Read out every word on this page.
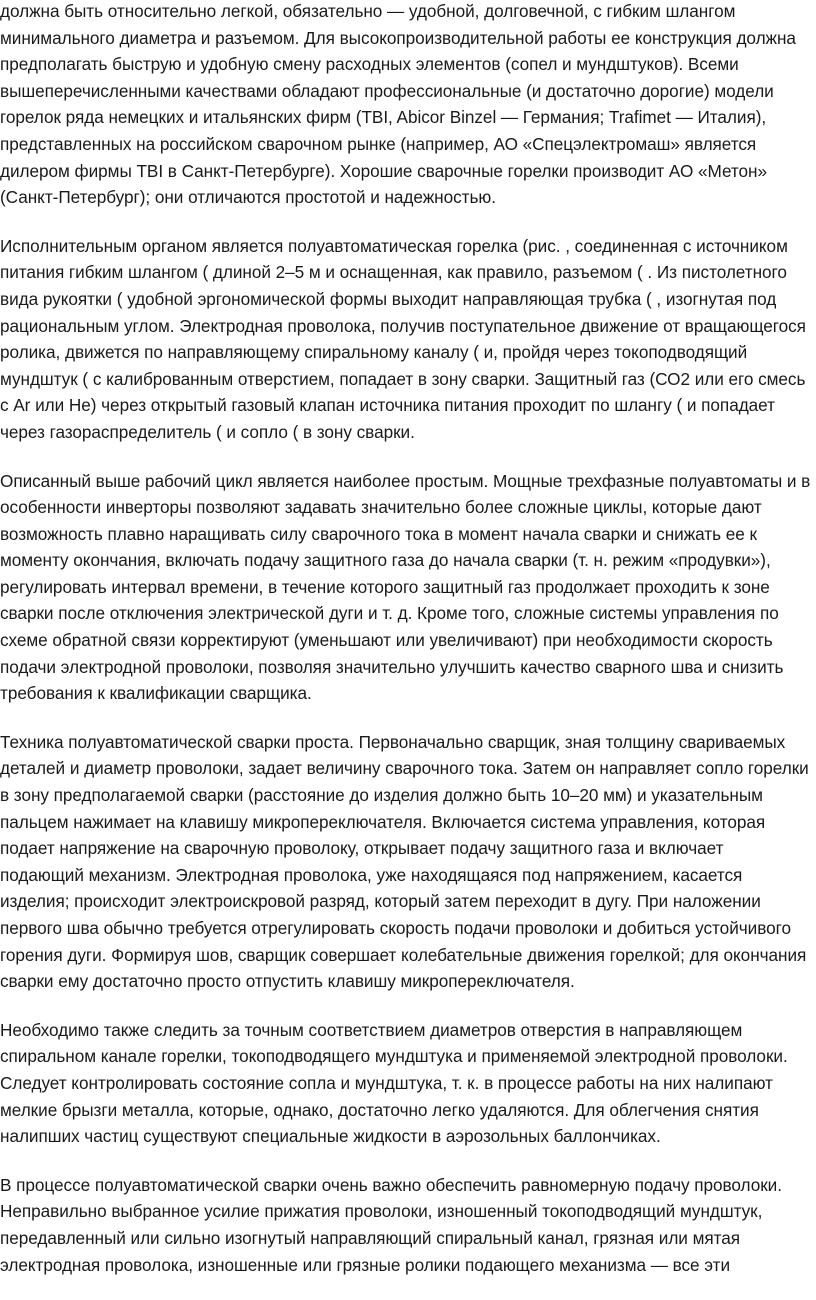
должна быть относительно легкой, обязательно — удобной, долговечной, с гибким шлангом минимального диаметра и разъемом. Для высокопроизводительной работы ее конструкция должна предполагать быструю и удобную смену расходных элементов (сопел и мундштуков). Всеми вышеперечисленными качествами обладают профессиональные (и достаточно дорогие) модели горелок ряда немецких и итальянских фирм (TBI, Abicor Binzel — Германия; Trafimet — Италия), представленных на российском сварочном рынке (например, АО «Спецэлектромаш» является дилером фирмы TBI в Санкт-Петербурге). Хорошие сварочные горелки производит АО «Метон» (Санкт-Петербург); они отличаются простотой и надежностью.

Исполнительным органом является полуавтоматическая горелка (рис. , соединенная с источником питания гибким шлангом ( длиной 2–5 м и оснащенная, как правило, разъемом ( . Из пистолетного вида рукоятки ( удобной эргономической формы выходит направляющая трубка ( , изогнутая под рациональным углом. Электродная проволока, получив поступательное движение от вращающегося ролика, движется по направляющему спиральному каналу ( и, пройдя через токоподводящий мундштук ( с калиброванным отверстием, попадает в зону сварки. Защитный газ (СО2 или его смесь с Ar или He) через открытый газовый клапан источника питания проходит по шлангу ( и попадает через газораспределитель ( и сопло ( в зону сварки.

Описанный выше рабочий цикл является наиболее простым. Мощные трехфазные полуавтоматы и в особенности инверторы позволяют задавать значительно более сложные циклы, которые дают возможность плавно наращивать силу сварочного тока в момент начала сварки и снижать ее к моменту окончания, включать подачу защитного газа до начала сварки (т. н. режим «продувки»), регулировать интервал времени, в течение которого защитный газ продолжает проходить к зоне сварки после отключения электрической дуги и т. д. Кроме того, сложные системы управления по схеме обратной связи корректируют (уменьшают или увеличивают) при необходимости скорость подачи электродной проволоки, позволяя значительно улучшить качество сварного шва и снизить требования к квалификации сварщика.

Техника полуавтоматической сварки проста. Первоначально сварщик, зная толщину свариваемых деталей и диаметр проволоки, задает величину сварочного тока. Затем он направляет сопло горелки в зону предполагаемой сварки (расстояние до изделия должно быть 10–20 мм) и указательным пальцем нажимает на клавишу микропереключателя. Включается система управления, которая подает напряжение на сварочную проволоку, открывает подачу защитного газа и включает подающий механизм. Электродная проволока, уже находящаяся под напряжением, касается изделия; происходит электроискровой разряд, который затем переходит в дугу. При наложении первого шва обычно требуется отрегулировать скорость подачи проволоки и добиться устойчивого горения дуги. Формируя шов, сварщик совершает колебательные движения горелкой; для окончания сварки ему достаточно просто отпустить клавишу микропереключателя.

Необходимо также следить за точным соответствием диаметров отверстия в направляющем спиральном канале горелки, токоподводящего мундштука и применяемой электродной проволоки. Следует контролировать состояние сопла и мундштука, т. к. в процессе работы на них налипают мелкие брызги металла, которые, однако, достаточно легко удаляются. Для облегчения снятия налипших частиц существуют специальные жидкости в аэрозольных баллончиках.

В процессе полуавтоматической сварки очень важно обеспечить равномерную подачу проволоки. Неправильно выбранное усилие прижатия проволоки, изношенный токоподводящий мундштук, передавленный или сильно изогнутый направляющий спиральный канал, грязная или мятая электродная проволока, изношенные или грязные ролики подающего механизма — все эти
